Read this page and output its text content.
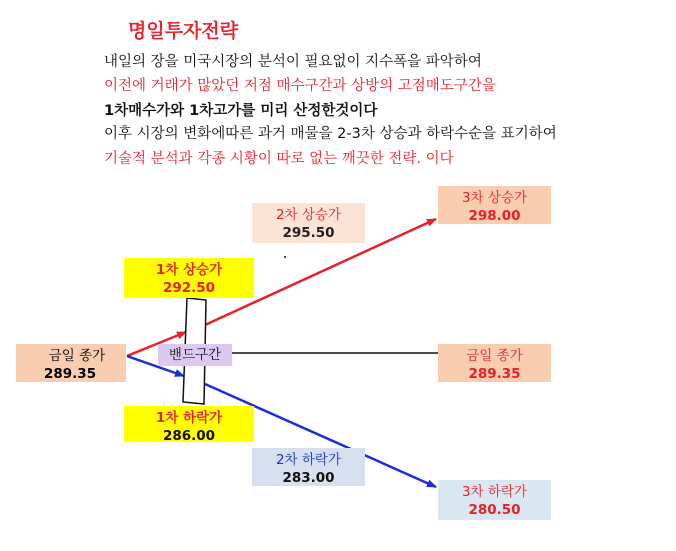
명일투자전략
내일의 장을 미국시장의 분석이 필요없이 지수폭을 파악하여
이전에 거래가 많았던 저점 매수구간과 상방의 고점매도구간을
1차매수가와 1차고가를 미리 산정한것이다
이후 시장의 변화에따른 과거 매물을 2-3차 상승과 하락수순을 표기하여
기술적 분석과 각종 시황이 따로 없는 깨끗한 전략. 이다
금일 종가
289.35
1차 상승가
292.50
2차 상승가
295.50
3차 상승가
298.00
밴드구간	금일 종가
289.35
1차 하락가
286.00
2차 하락가
283.00
3차 하락가
280.50
